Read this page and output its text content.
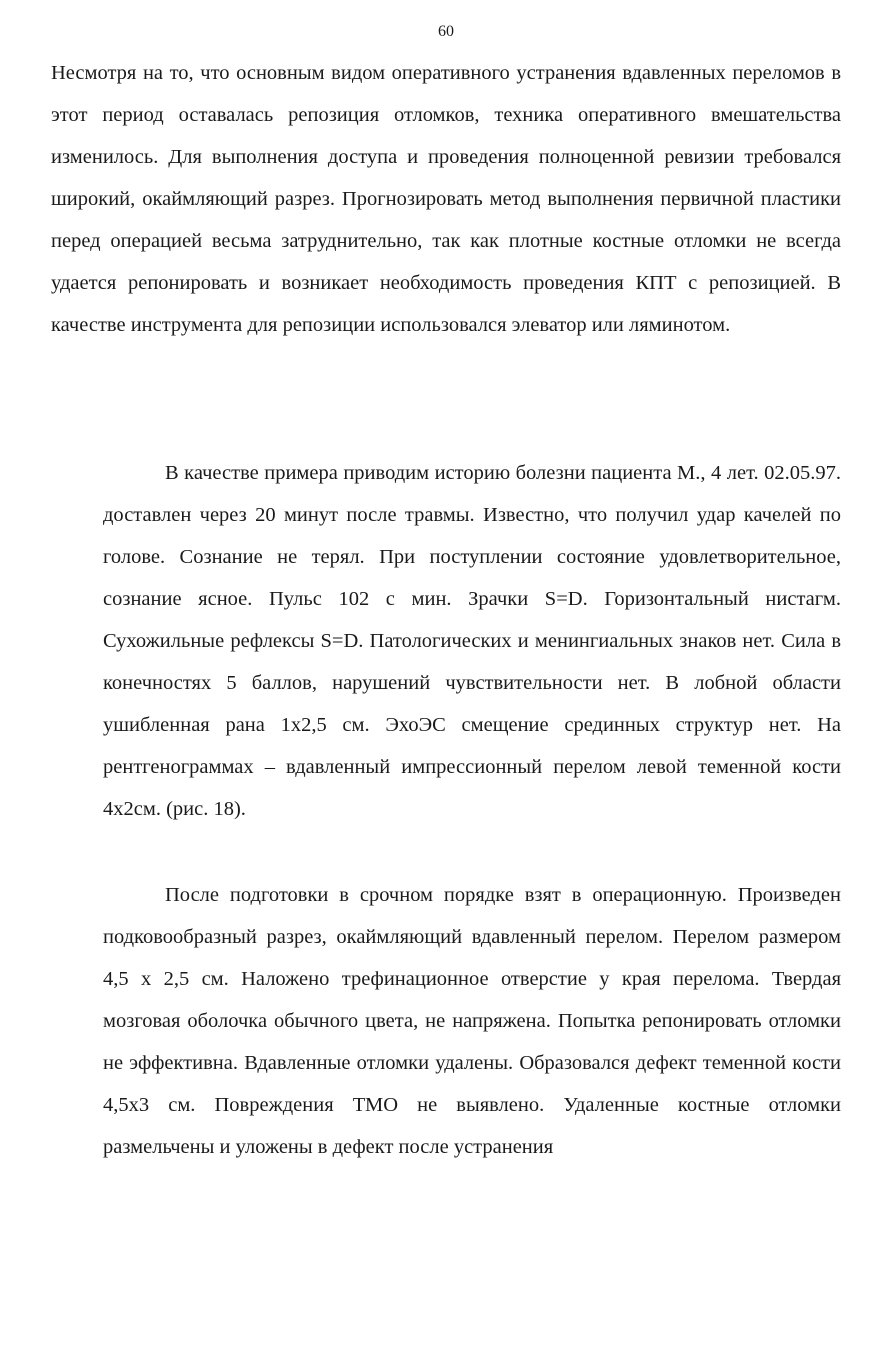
60

Несмотря на то, что основным видом оперативного устранения вдавленных переломов в этот период оставалась репозиция отломков, техника оперативного вмешательства изменилось. Для выполнения доступа и проведения полноценной ревизии требовался широкий, окаймляющий разрез. Прогнозировать метод выполнения первичной пластики перед операцией весьма затруднительно, так как плотные костные отломки не всегда удается репонировать и возникает необходимость проведения КПТ с репозицией. В качестве инструмента для репозиции использовался элеватор или ляминотом.

В качестве примера приводим историю болезни пациента М., 4 лет. 02.05.97. доставлен через 20 минут после травмы. Известно, что получил удар качелей по голове. Сознание не терял. При поступлении состояние удовлетворительное, сознание ясное. Пульс 102 с мин. Зрачки S=D. Горизонтальный нистагм. Сухожильные рефлексы S=D. Патологических и менингиальных знаков нет. Сила в конечностях 5 баллов, нарушений чувствительности нет. В лобной области ушибленная рана 1х2,5 см. ЭхоЭС смещение срединных структур нет. На рентгенограммах – вдавленный импрессионный перелом левой теменной кости 4х2см. (рис. 18).

После подготовки в срочном порядке взят в операционную. Произведен подковообразный разрез, окаймляющий вдавленный перелом. Перелом размером 4,5 х 2,5 см. Наложено трефинационное отверстие у края перелома. Твердая мозговая оболочка обычного цвета, не напряжена. Попытка репонировать отломки не эффективна. Вдавленные отломки удалены. Образовался дефект теменной кости 4,5х3 см. Повреждения ТМО не выявлено. Удаленные костные отломки размельчены и уложены в дефект после устранения
